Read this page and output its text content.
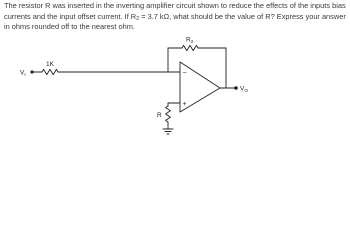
The resistor R was inserted in the inverting amplifier circuit shown to reduce the effects of the inputs bias currents and the input offset current. If $R_2 = 3.7$ kΩ, what should be the value of R? Express your answer in ohms rounded off to the nearest ohm.
$V_I$
1K
$R_2$
R
$V_O$
−
+
